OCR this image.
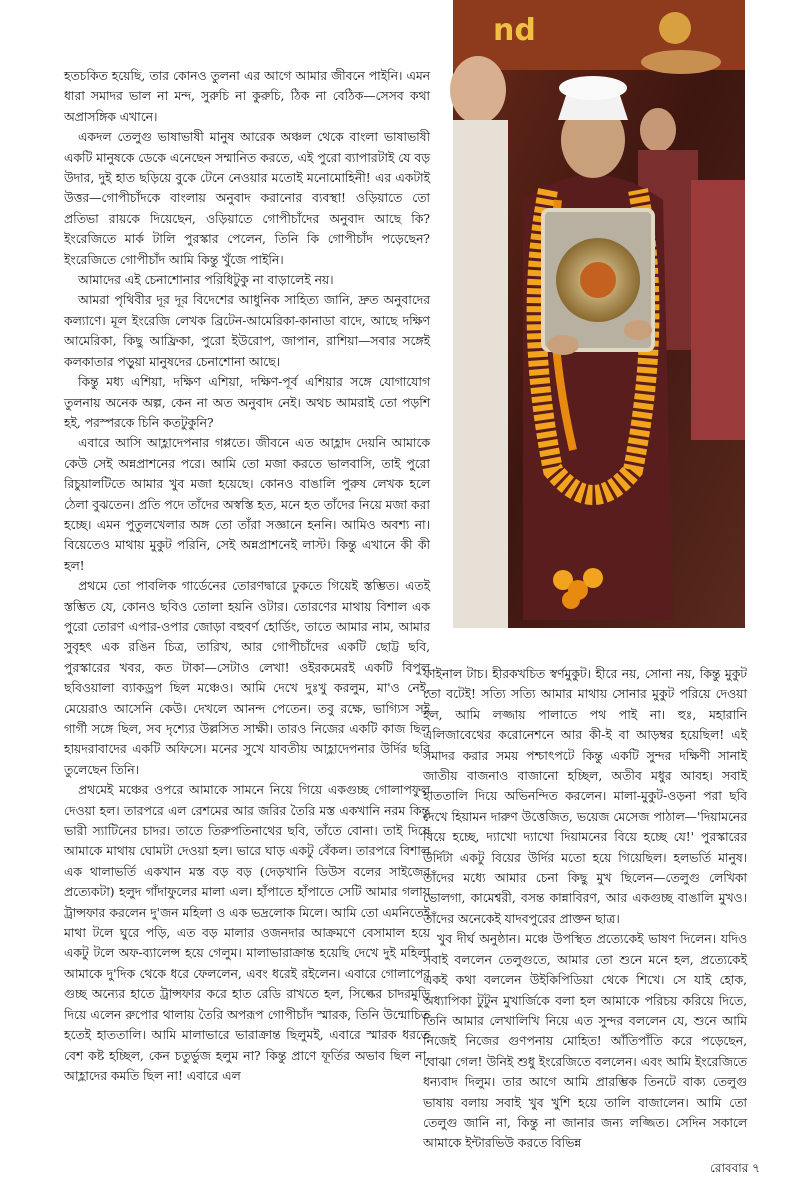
হতচকিত হয়েছি, তার কোনও তুলনা এর আগে আমার জীবনে পাইনি। এমন ধারা সমাদর ভাল না মন্দ, সুরুচি না কুরুচি, ঠিক না বেঠিক—সেসব কথা অপ্রাসঙ্গিক এখানে।

একদল তেলুগু ভাষাভাষী মানুষ আরেক অঞ্চল থেকে বাংলা ভাষাভাষী একটি মানুষকে ডেকে এনেছেন সম্মানিত করতে, এই পুরো ব্যাপারটাই যে বড় উদার, দুই হাত ছড়িয়ে বুকে টেনে নেওয়ার মতোই মনোমোহিনী! এর একটাই উত্তর—গোপীচাঁদকে বাংলায় অনুবাদ করানোর ব্যবস্থা! ওড়িয়াতে তো প্রতিভা রায়কে দিয়েছেন, ওড়িয়াতে গোপীচাঁদের অনুবাদ আছে কি? ইংরেজিতে মার্ক টালি পুরস্কার পেলেন, তিনি কি গোপীচাঁদ পড়েছেন? ইংরেজিতে গোপীচাঁদ আমি কিন্তু খুঁজে পাইনি।

আমাদের এই চেনাশোনার পরিধিটুকু না বাড়ালেই নয়।

আমরা পৃথিবীর দূর দূর বিদেশের আধুনিক সাহিত্য জানি, দ্রুত অনুবাদের কল্যাণে। মূল ইংরেজি লেখক ব্রিটেন-আমেরিকা-কানাডা বাদে, আছে দক্ষিণ আমেরিকা, কিছু আফ্রিকা, পুরো ইউরোপ, জাপান, রাশিয়া—সবার সঙ্গেই কলকাতার পড়ুয়া মানুষদের চেনাশোনা আছে।

কিন্তু মধ্য এশিয়া, দক্ষিণ এশিয়া, দক্ষিণ-পূর্ব এশিয়ার সঙ্গে যোগাযোগ তুলনায় অনেক অল্প, কেন না অত অনুবাদ নেই। অথচ আমরাই তো পড়শি হই, পরস্পরকে চিনি কতটুকুনি?

এবারে আসি আহ্লাদেপনার গপ্পতে। জীবনে এত আহ্লাদ দেয়নি আমাকে কেউ সেই অন্নপ্রাশনের পরে। আমি তো মজা করতে ভালবাসি, তাই পুরো রিচুয়ালটিতে আমার খুব মজা হয়েছে। কোনও বাঙালি পুরুষ লেখক হলে ঠেলা বুঝতেন। প্রতি পদে তাঁদের অস্বস্তি হত, মনে হত তাঁদের নিয়ে মজা করা হচ্ছে। এমন পুতুলখেলার অঙ্গ তো তাঁরা সজ্ঞানে হননি। আমিও অবশ্য না। বিয়েতেও মাথায় মুকুট পরিনি, সেই অন্নপ্রাশনেই লাস্ট। কিন্তু এখানে কী কী হল!

প্রথমে তো পাবলিক গার্ডেনের তোরণদ্বারে ঢুকতে গিয়েই স্তম্ভিত। এতই স্তম্ভিত যে, কোনও ছবিও তোলা হয়নি ওটার। তোরণের মাথায় বিশাল এক পুরো তোরণ এপার-ওপার জোড়া বহুবর্ণ হোর্ডিং, তাতে আমার নাম, আমার সুবৃহৎ এক রঙিন চিত্র, তারিখ, আর গোপীচাঁদের একটি ছোট্ট ছবি, পুরস্কারের খবর, কত টাকা—সেটাও লেখা! ওইরকমেরই একটি বিপুল ছবিওয়ালা ব্যাকড্রপ ছিল মঞ্চেও। আমি দেখে দুঃখু করলুম, মা'ও নেই, মেয়েরাও আসেনি কেউ। দেখলে আনন্দ পেতেন। তবু রক্ষে, ভাগ্যিস সই গার্গী সঙ্গে ছিল, সব দৃশ্যের উল্লসিত সাক্ষী। তারও নিজের একটি কাজ ছিল হায়দরাবাদের একটি অফিসে। মনের সুখে যাবতীয় আহ্লাদেপনার উর্দির ছবি তুলেছেন তিনি।

প্রথমেই মঞ্চের ওপরে আমাকে সামনে নিয়ে গিয়ে একগুচ্ছ গোলাপফুল দেওয়া হল। তারপরে এল রেশমের আর জরির তৈরি মস্ত একখানি নরম কিন্তু ভারী স্যাটিনের চাদর। তাতে তিরুপতিনাথের ছবি, তাঁতে বোনা। তাই দিয়ে আমাকে মাথায় ঘোমটা দেওয়া হল। ভারে ঘাড় একটু বেঁকল। তারপরে বিশাল এক থালাভর্তি একখান মস্ত বড় বড় (দেড়খানি ডিউস বলের সাইজের প্রত্যেকটা) হলুদ গাঁদাফুলের মালা এল। হাঁপাতে হাঁপাতে সেটি আমার গলায় ট্রান্সফার করলেন দু'জন মহিলা ও এক ভদ্রলোক মিলে। আমি তো এমনিতেই মাথা টলে ঘুরে পড়ি, এত বড় মালার ওজনদার আক্রমণে বেসামাল হয়ে একটু টলে অফ-ব্যালেন্স হয়ে গেলুম। মালাভারাক্রান্ত হয়েছি দেখে দুই মহিলা আমাকে দু'দিক থেকে ধরে ফেললেন, এবং ধরেই রইলেন। এবারে গোলাপের গুচ্ছ অন্যের হাতে ট্রান্সফার করে হাত রেডি রাখতে হল, সিল্কের চাদরমুড়ি দিয়ে এলেন রুপোর থালায় তৈরি অপরূপ গোপীচাঁদ স্মারক, তিনি উন্মোচিত হতেই হাততালি। আমি মালাভারে ভারাক্রান্ত ছিলুমই, এবারে স্মারক ধরতে বেশ কষ্ট হচ্ছিল, কেন চতুর্ভুজ হলুম না? কিন্তু প্রাণে ফূর্তির অভাব ছিল না, আহ্লাদের কমতি ছিল না! এবারে এল

nd

ফাইনাল টাচ। হীরকখচিত স্বর্ণমুকুট। হীরে নয়, সোনা নয়, কিন্তু মুকুট তো বটেই! সত্যি সত্যি আমার মাথায় সোনার মুকুট পরিয়ে দেওয়া হল, আমি লজ্জায় পালাতে পথ পাই না। হুঃ, মহারানি এলিজাবেথের করোনেশনে আর কী-ই বা আড়ম্বর হয়েছিল! এই সমাদর করার সময় পশ্চাৎপটে কিন্তু একটি সুন্দর দক্ষিণী সানাই জাতীয় বাজনাও বাজানো হচ্ছিল, অতীব মধুর আবহ। সবাই হাততালি দিয়ে অভিনন্দিত করলেন। মালা-মুকুট-ওড়না পরা ছবি দেখে হিয়ামন দারুণ উত্তেজিত, ভয়েজ মেসেজ পাঠাল—'দিয়ামনের বিয়ে হচ্ছে, দ্যাখো দ্যাখো দিয়ামনের বিয়ে হচ্ছে যে!' পুরস্কারের উর্দিটা একটু বিয়ের উর্দির মতো হয়ে গিয়েছিল। হলভর্তি মানুষ। তাঁদের মধ্যে আমার চেনা কিছু মুখ ছিলেন—তেলুগু লেখিকা ভোলগা, কামেশ্বরী, বসন্ত কান্নাবিরণ, আর একগুচ্ছ বাঙালি মুখও। তাঁদের অনেকেই যাদবপুরের প্রাক্তন ছাত্র।

খুব দীর্ঘ অনুষ্ঠান। মঞ্চে উপস্থিত প্রত্যেকেই ভাষণ দিলেন। যদিও সবাই বললেন তেলুগুতে, আমার তো শুনে মনে হল, প্রত্যেকেই একই কথা বললেন উইকিপিডিয়া থেকে শিখে। সে যাই হোক, অধ্যাপিকা টুটুন মুখার্জিকে বলা হল আমাকে পরিচয় করিয়ে দিতে, তিনি আমার লেখালিখি নিয়ে এত সুন্দর বললেন যে, শুনে আমি নিজেই নিজের গুণপনায় মোহিত! আঁতিপাঁতি করে পড়েছেন, বোঝা গেল! উনিই শুধু ইংরেজিতে বললেন। এবং আমি ইংরেজিতে ধন্যবাদ দিলুম। তার আগে আমি প্রারম্ভিক তিনটে বাক্য তেলুগু ভাষায় বলায় সবাই খুব খুশি হয়ে তালি বাজালেন। আমি তো তেলুগু জানি না, কিন্তু না জানার জন্য লজ্জিত। সেদিন সকালে আমাকে ইন্টারভিউ করতে বিভিন্ন

রোববার ৭
